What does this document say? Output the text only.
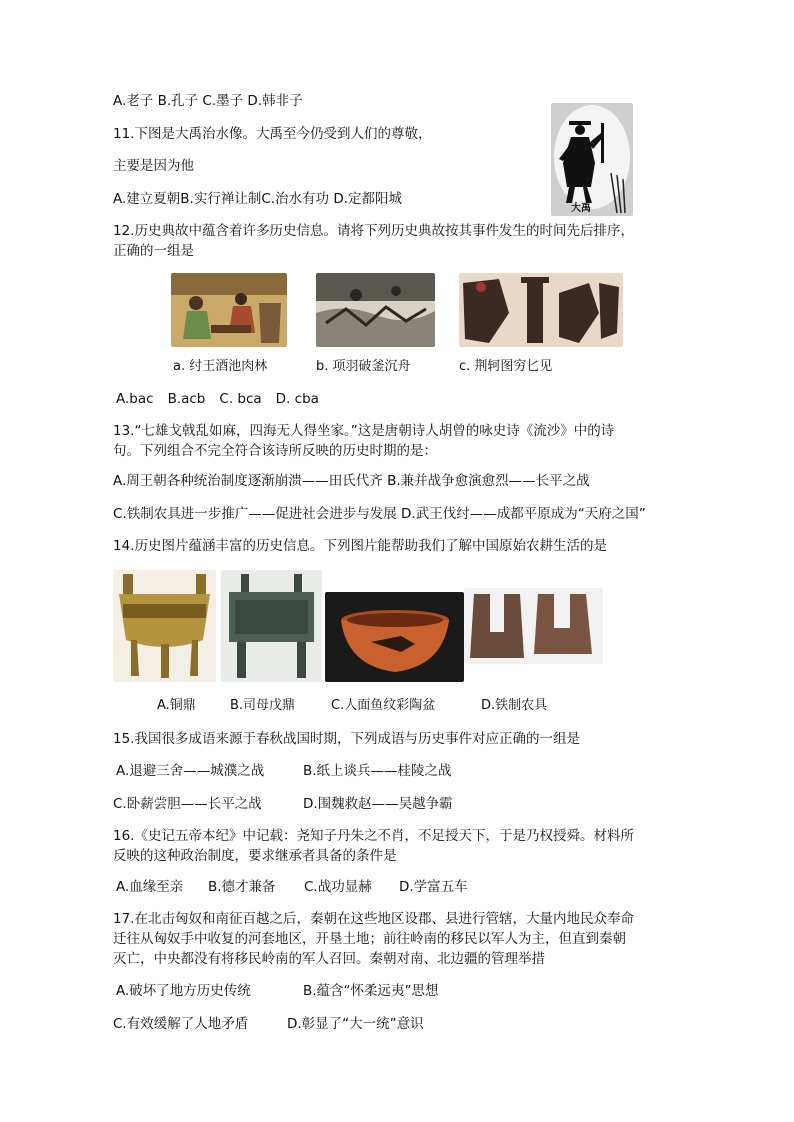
A.老子 B.孔子 C.墨子 D.韩非子
11.下图是大禹治水像。大禹至今仍受到人们的尊敬，
主要是因为他
A.建立夏朝B.实行禅让制C.治水有功 D.定都阳城
大禹
12.历史典故中蕴含着许多历史信息。请将下列历史典故按其事件发生的时间先后排序，
正确的一组是
a. 纣王酒池肉林	b. 项羽破釜沉舟	c. 荆轲图穷匕见
A.bac B.acb C. bca D. cba
13.“七雄戈戟乱如麻，四海无人得坐家。”这是唐朝诗人胡曾的咏史诗《流沙》中的诗
句。下列组合不完全符合该诗所反映的历史时期的是：
A.周王朝各种统治制度逐渐崩溃——田氏代齐 B.兼并战争愈演愈烈——长平之战
C.铁制农具进一步推广——促进社会进步与发展 D.武王伐纣——成都平原成为“天府之国”
14.历史图片蕴涵丰富的历史信息。下列图片能帮助我们了解中国原始农耕生活的是
A.铜鼎	B.司母戊鼎	C.人面鱼纹彩陶盆	D.铁制农具
15.我国很多成语来源于春秋战国时期，下列成语与历史事件对应正确的一组是
A.退避三舍——城濮之战	B.纸上谈兵——桂陵之战
C.卧薪尝胆——长平之战	D.围魏救赵——吴越争霸
16.《史记五帝本纪》中记载：尧知子丹朱之不肖，不足授天下，于是乃权授舜。材料所
反映的这种政治制度，要求继承者具备的条件是
A.血缘至亲 B.德才兼备 C.战功显赫 D.学富五车
17.在北击匈奴和南征百越之后，秦朝在这些地区设郡、县进行管辖，大量内地民众奉命
迁往从匈奴手中收复的河套地区，开垦土地；前往岭南的移民以军人为主，但直到秦朝
灭亡，中央都没有将移民岭南的军人召回。秦朝对南、北边疆的管理举措
A.破坏了地方历史传统	B.蕴含“怀柔远夷”思想
C.有效缓解了人地矛盾	D.彰显了“大一统”意识
